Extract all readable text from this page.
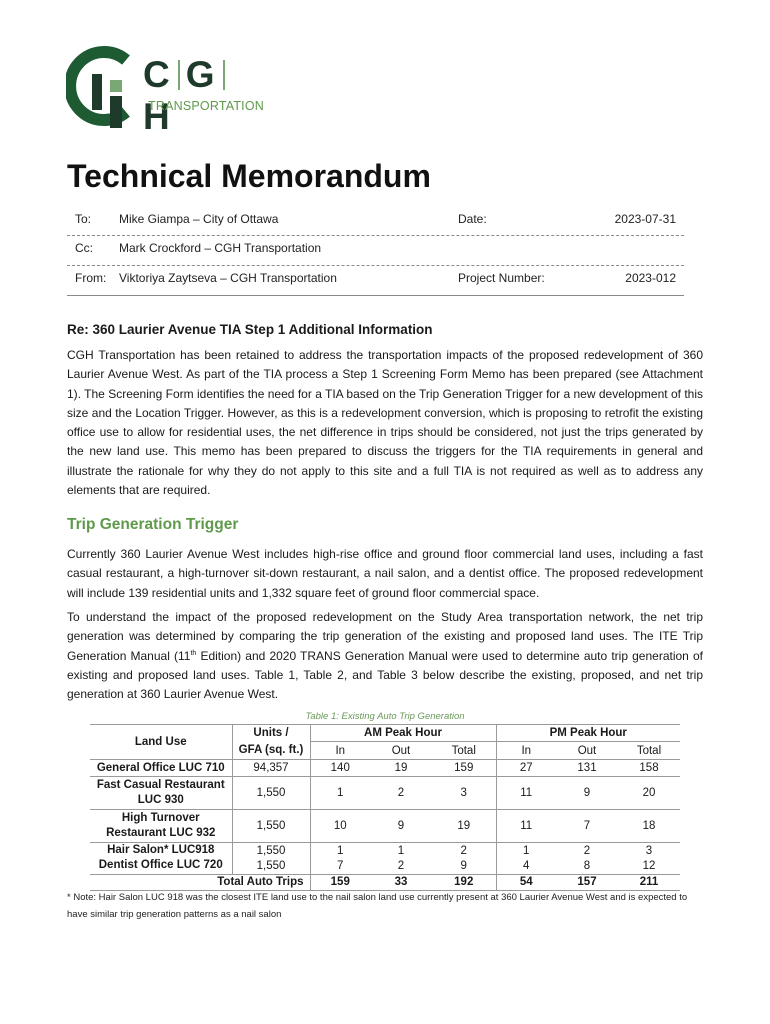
C GH
TRANSPORTATION
Technical Memorandum
To: Mike Giampa – City of Ottawa	Date:	2023-07-31
Cc: Mark Crockford – CGH Transportation
From: Viktoriya Zaytseva – CGH Transportation	Project Number:	2023-012
Re: 360 Laurier Avenue TIA Step 1 Additional Information

CGH Transportation has been retained to address the transportation impacts of the proposed redevelopment of 360 Laurier Avenue West. As part of the TIA process a Step 1 Screening Form Memo has been prepared (see Attachment 1). The Screening Form identifies the need for a TIA based on the Trip Generation Trigger for a new development of this size and the Location Trigger. However, as this is a redevelopment conversion, which is proposing to retrofit the existing office use to allow for residential uses, the net difference in trips should be considered, not just the trips generated by the new land use. This memo has been prepared to discuss the triggers for the TIA requirements in general and illustrate the rationale for why they do not apply to this site and a full TIA is not required as well as to address any elements that are required.

Trip Generation Trigger

Currently 360 Laurier Avenue West includes high-rise office and ground floor commercial land uses, including a fast casual restaurant, a high-turnover sit-down restaurant, a nail salon, and a dentist office. The proposed redevelopment will include 139 residential units and 1,332 square feet of ground floor commercial space.

To understand the impact of the proposed redevelopment on the Study Area transportation network, the net trip generation was determined by comparing the trip generation of the existing and proposed land uses. The ITE Trip Generation Manual (11th Edition) and 2020 TRANS Generation Manual were used to determine auto trip generation of existing and proposed land uses. Table 1, Table 2, and Table 3 below describe the existing, proposed, and net trip generation at 360 Laurier Avenue West.

Table 1: Existing Auto Trip Generation
Land Use	Units /	AM Peak Hour			PM Peak Hour		
	GFA (sq. ft.)	In	Out	Total	In	Out	Total
General Office LUC 710	94,357	140	19	159	27	131	158
Fast Casual Restaurant
LUC 930	1,550	1	2	3	11	9	20
High Turnover
Restaurant LUC 932	1,550	10	9	19	11	7	18
Hair Salon* LUC918	1,550	1	1	2	1	2	3
Dentist Office LUC 720	1,550	7	2	9	4	8	12
Total Auto Trips		159	33	192	54	157	211

* Note: Hair Salon LUC 918 was the closest ITE land use to the nail salon land use currently present at 360 Laurier Avenue West and is expected to have similar trip generation patterns as a nail salon
